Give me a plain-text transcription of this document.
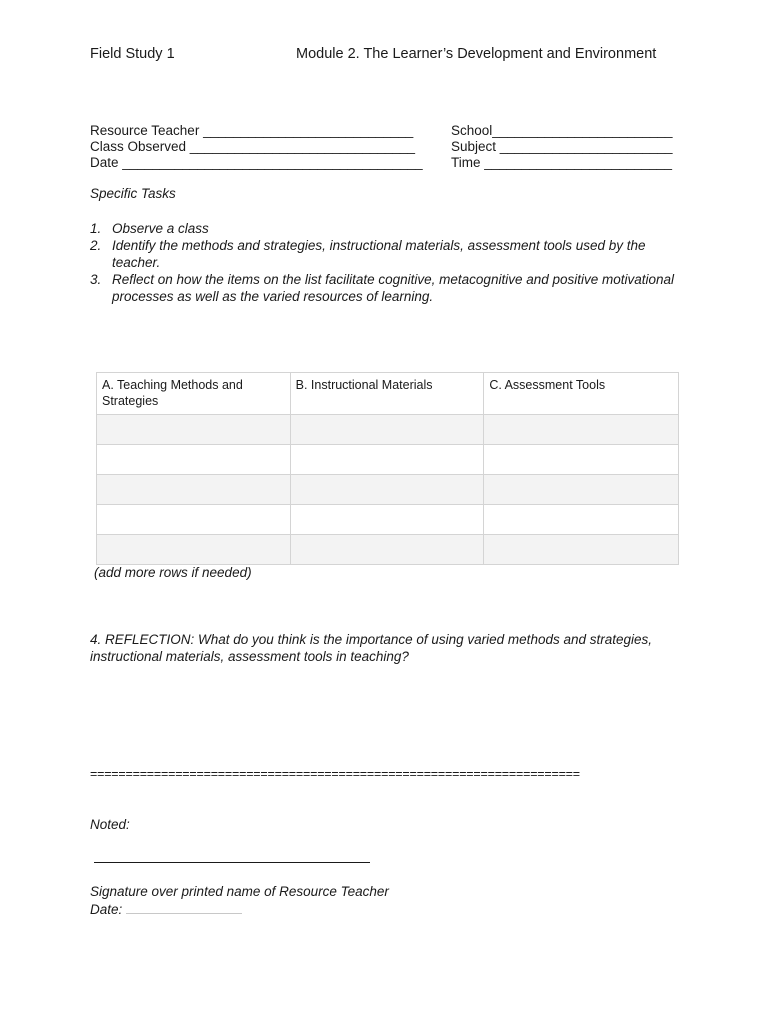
Field Study 1	Module 2. The Learner’s Development and Environment
Resource Teacher ____________________________
Class Observed ______________________________
Date ________________________________________
School________________________
Subject _______________________
Time _________________________
Specific Tasks
1. Observe a class
2. Identify the methods and strategies, instructional materials, assessment tools used by the teacher.
3. Reflect on how the items on the list facilitate cognitive, metacognitive and positive motivational processes as well as the varied resources of learning.
A. Teaching Methods and Strategies	B. Instructional Materials	C. Assessment Tools

(add more rows if needed)
4. REFLECTION: What do you think is the importance of using varied methods and strategies, instructional materials, assessment tools in teaching?
=====================================================================
Noted:
Signature over printed name of Resource Teacher
Date:
